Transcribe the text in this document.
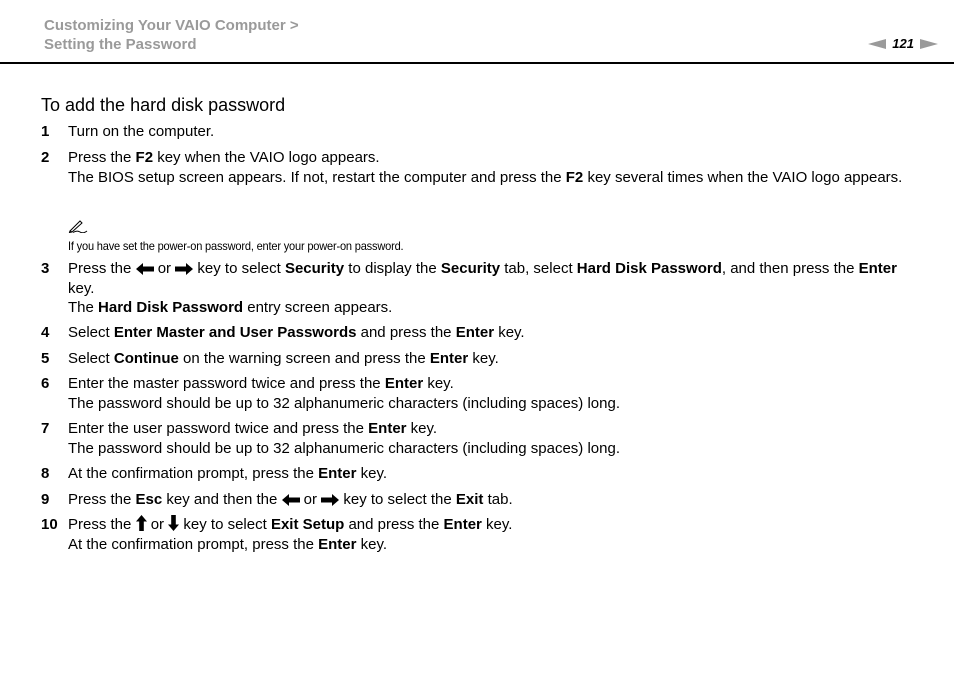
Customizing Your VAIO Computer >
Setting the Password	121
To add the hard disk password
1 Turn on the computer.
2 Press the F2 key when the VAIO logo appears.
The BIOS setup screen appears. If not, restart the computer and press the F2 key several times when the VAIO logo appears.
If you have set the power-on password, enter your power-on password.
3 Press the  or  key to select Security to display the Security tab, select Hard Disk Password, and then press the Enter key.
The Hard Disk Password entry screen appears.
4 Select Enter Master and User Passwords and press the Enter key.
5 Select Continue on the warning screen and press the Enter key.
6 Enter the master password twice and press the Enter key.
The password should be up to 32 alphanumeric characters (including spaces) long.
7 Enter the user password twice and press the Enter key.
The password should be up to 32 alphanumeric characters (including spaces) long.
8 At the confirmation prompt, press the Enter key.
9 Press the Esc key and then the  or  key to select the Exit tab.
10 Press the  or  key to select Exit Setup and press the Enter key.
At the confirmation prompt, press the Enter key.
